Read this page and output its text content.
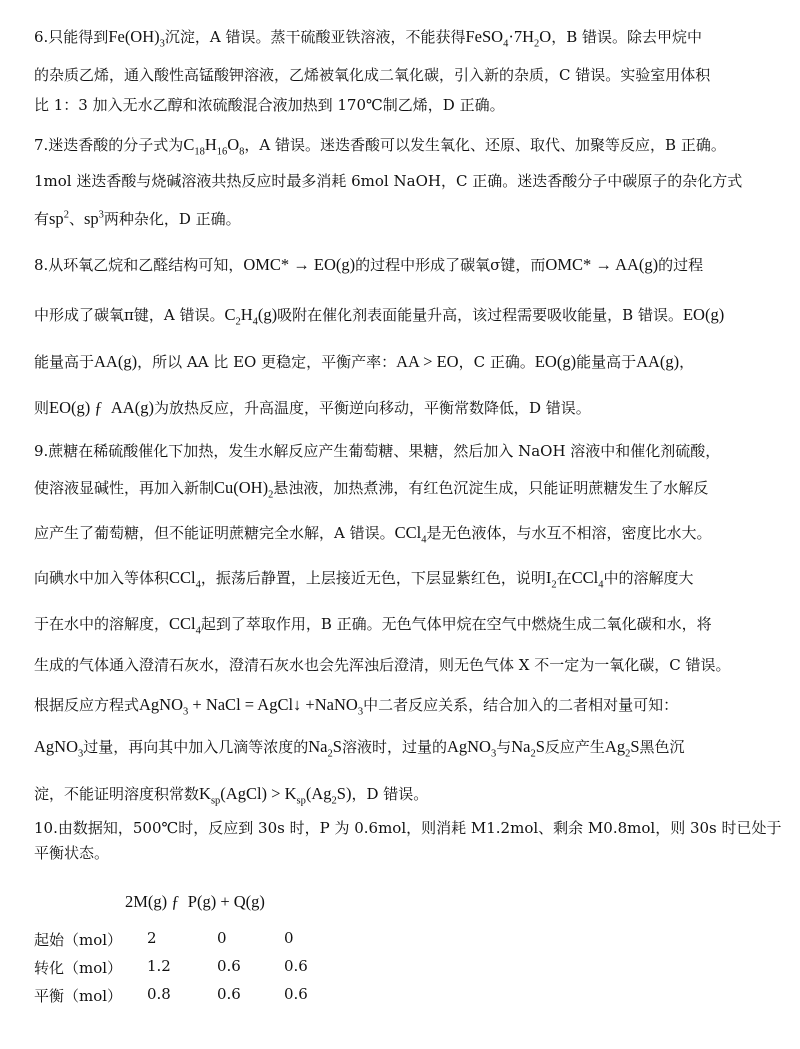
6.只能得到$Fe(OH)_3$沉淀，A 错误。蒸干硫酸亚铁溶液，不能获得$FeSO_4\cdot 7H_2O$，B 错误。除去甲烷中
的杂质乙烯，通入酸性高锰酸钾溶液，乙烯被氧化成二氧化碳，引入新的杂质，C 错误。实验室用体积
比 1：3 加入无水乙醇和浓硫酸混合液加热到 170℃制乙烯，D 正确。
7.迷迭香酸的分子式为$C_{18}H_{16}O_8$，A 错误。迷迭香酸可以发生氧化、还原、取代、加聚等反应，B 正确。
1mol 迷迭香酸与烧碱溶液共热反应时最多消耗 6mol NaOH，C 正确。迷迭香酸分子中碳原子的杂化方式
有$sp^2$、$sp^3$两种杂化，D 正确。
8.从环氧乙烷和乙醛结构可知，OMC* → EO(g)的过程中形成了碳氧σ键，而OMC* → AA(g)的过程
中形成了碳氧π键，A 错误。$C_2H_4(g)$吸附在催化剂表面能量升高，该过程需要吸收能量，B 错误。EO(g)
能量高于AA(g)，所以 AA 比 EO 更稳定，平衡产率：AA > EO，C 正确。EO(g)能量高于AA(g)，
则EO(g) ƒ  AA(g)为放热反应，升高温度，平衡逆向移动，平衡常数降低，D 错误。
9.蔗糖在稀硫酸催化下加热，发生水解反应产生葡萄糖、果糖，然后加入 NaOH 溶液中和催化剂硫酸，
使溶液显碱性，再加入新制$Cu(OH)_2$悬浊液，加热煮沸，有红色沉淀生成，只能证明蔗糖发生了水解反
应产生了葡萄糖，但不能证明蔗糖完全水解，A 错误。CCl$_4$是无色液体，与水互不相溶，密度比水大。
向碘水中加入等体积CCl$_4$，振荡后静置，上层接近无色，下层显紫红色，说明$I_2$在CCl$_4$中的溶解度大
于在水中的溶解度，CCl$_4$起到了萃取作用，B 正确。无色气体甲烷在空气中燃烧生成二氧化碳和水，将
生成的气体通入澄清石灰水，澄清石灰水也会先浑浊后澄清，则无色气体 X 不一定为一氧化碳，C 错误。
根据反应方程式AgNO$_3$ + NaCl = AgCl↓ +NaNO$_3$中二者反应关系，结合加入的二者相对量可知：
AgNO$_3$过量，再向其中加入几滴等浓度的$Na_2S$溶液时，过量的AgNO$_3$与$Na_2S$反应产生$Ag_2S$黑色沉
淀，不能证明溶度积常数$K_{sp}(AgCl) > K_{sp}(Ag_2S)$，D 错误。
10.由数据知，500℃时，反应到 30s 时，P 为 0.6mol，则消耗 M1.2mol、剩余 M0.8mol，则 30s 时已处于
平衡状态。
2M(g) ƒ  P(g) + Q(g)
起始（mol） 2	0	0
转化（mol） 1.2	0.6	0.6
平衡（mol） 0.8	0.6	0.6
